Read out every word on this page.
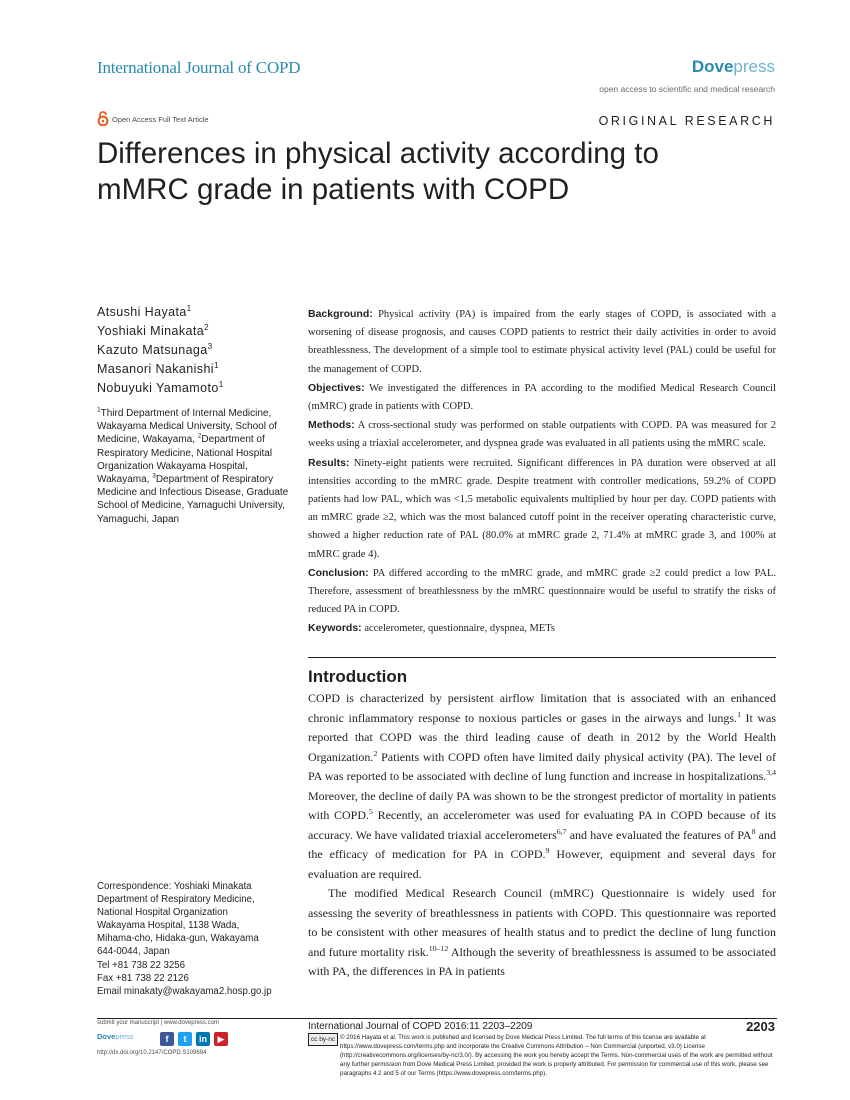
International Journal of COPD	Dovepress
open access to scientific and medical research
Open Access Full Text Article	ORIGINAL RESEARCH
Differences in physical activity according to mMRC grade in patients with COPD
Atsushi Hayata$^1$
Yoshiaki Minakata$^2$
Kazuto Matsunaga$^3$
Masanori Nakanishi$^1$
Nobuyuki Yamamoto$^1$
$^1$Third Department of Internal Medicine, Wakayama Medical University, School of Medicine, Wakayama, $^2$Department of Respiratory Medicine, National Hospital Organization Wakayama Hospital, Wakayama, $^3$Department of Respiratory Medicine and Infectious Disease, Graduate School of Medicine, Yamaguchi University, Yamaguchi, Japan
Correspondence: Yoshiaki Minakata
Department of Respiratory Medicine,
National Hospital Organization
Wakayama Hospital, 1138 Wada,
Mihama-cho, Hidaka-gun, Wakayama
644-0044, Japan
Tel +81 738 22 3256
Fax +81 738 22 2126
Email minakaty@wakayama2.hosp.go.jp

Background: Physical activity (PA) is impaired from the early stages of COPD, is associated with a worsening of disease prognosis, and causes COPD patients to restrict their daily activities in order to avoid breathlessness. The development of a simple tool to estimate physical activity level (PAL) could be useful for the management of COPD.

Objectives: We investigated the differences in PA according to the modified Medical Research Council (mMRC) grade in patients with COPD.

Methods: A cross-sectional study was performed on stable outpatients with COPD. PA was measured for 2 weeks using a triaxial accelerometer, and dyspnea grade was evaluated in all patients using the mMRC scale.

Results: Ninety-eight patients were recruited. Significant differences in PA duration were observed at all intensities according to the mMRC grade. Despite treatment with controller medications, 59.2% of COPD patients had low PAL, which was <1.5 metabolic equivalents multiplied by hour per day. COPD patients with an mMRC grade ≥2, which was the most balanced cutoff point in the receiver operating characteristic curve, showed a higher reduction rate of PAL (80.0% at mMRC grade 2, 71.4% at mMRC grade 3, and 100% at mMRC grade 4).

Conclusion: PA differed according to the mMRC grade, and mMRC grade ≥2 could predict a low PAL. Therefore, assessment of breathlessness by the mMRC questionnaire would be useful to stratify the risks of reduced PA in COPD.

Keywords: accelerometer, questionnaire, dyspnea, METs

Introduction

COPD is characterized by persistent airflow limitation that is associated with an enhanced chronic inflammatory response to noxious particles or gases in the airways and lungs.$^1$ It was reported that COPD was the third leading cause of death in 2012 by the World Health Organization.$^2$ Patients with COPD often have limited daily physical activity (PA). The level of PA was reported to be associated with decline of lung function and increase in hospitalizations.$^{3,4}$ Moreover, the decline of daily PA was shown to be the strongest predictor of mortality in patients with COPD.$^5$ Recently, an accelerometer was used for evaluating PA in COPD because of its accuracy. We have validated triaxial accelerometers$^{6,7}$ and have evaluated the features of $PA^8$ and the efficacy of medication for PA in COPD.$^9$ However, equipment and several days for evaluation are required.

The modified Medical Research Council (mMRC) Questionnaire is widely used for assessing the severity of breathlessness in patients with COPD. This questionnaire was reported to be consistent with other measures of health status and to predict the decline of lung function and future mortality risk.$^{10-12}$ Although the severity of breathlessness is assumed to be associated with PA, the differences in PA in patients

submit your manuscript | www.dovepress.com
Dovepress	f	t	in	▶
http://dx.doi.org/10.2147/COPD.S109694
International Journal of COPD 2016:11 2203–2209	2203
cc by-nc © 2016 Hayata et al. This work is published and licensed by Dove Medical Press Limited. The full terms of this license are available at https://www.dovepress.com/terms.php and incorporate the Creative Commons Attribution – Non Commercial (unported, v3.0) License (http://creativecommons.org/licenses/by-nc/3.0/). By accessing the work you hereby accept the Terms. Non-commercial uses of the work are permitted without any further permission from Dove Medical Press Limited, provided the work is properly attributed. For permission for commercial use of this work, please see paragraphs 4.2 and 5 of our Terms (https://www.dovepress.com/terms.php).
